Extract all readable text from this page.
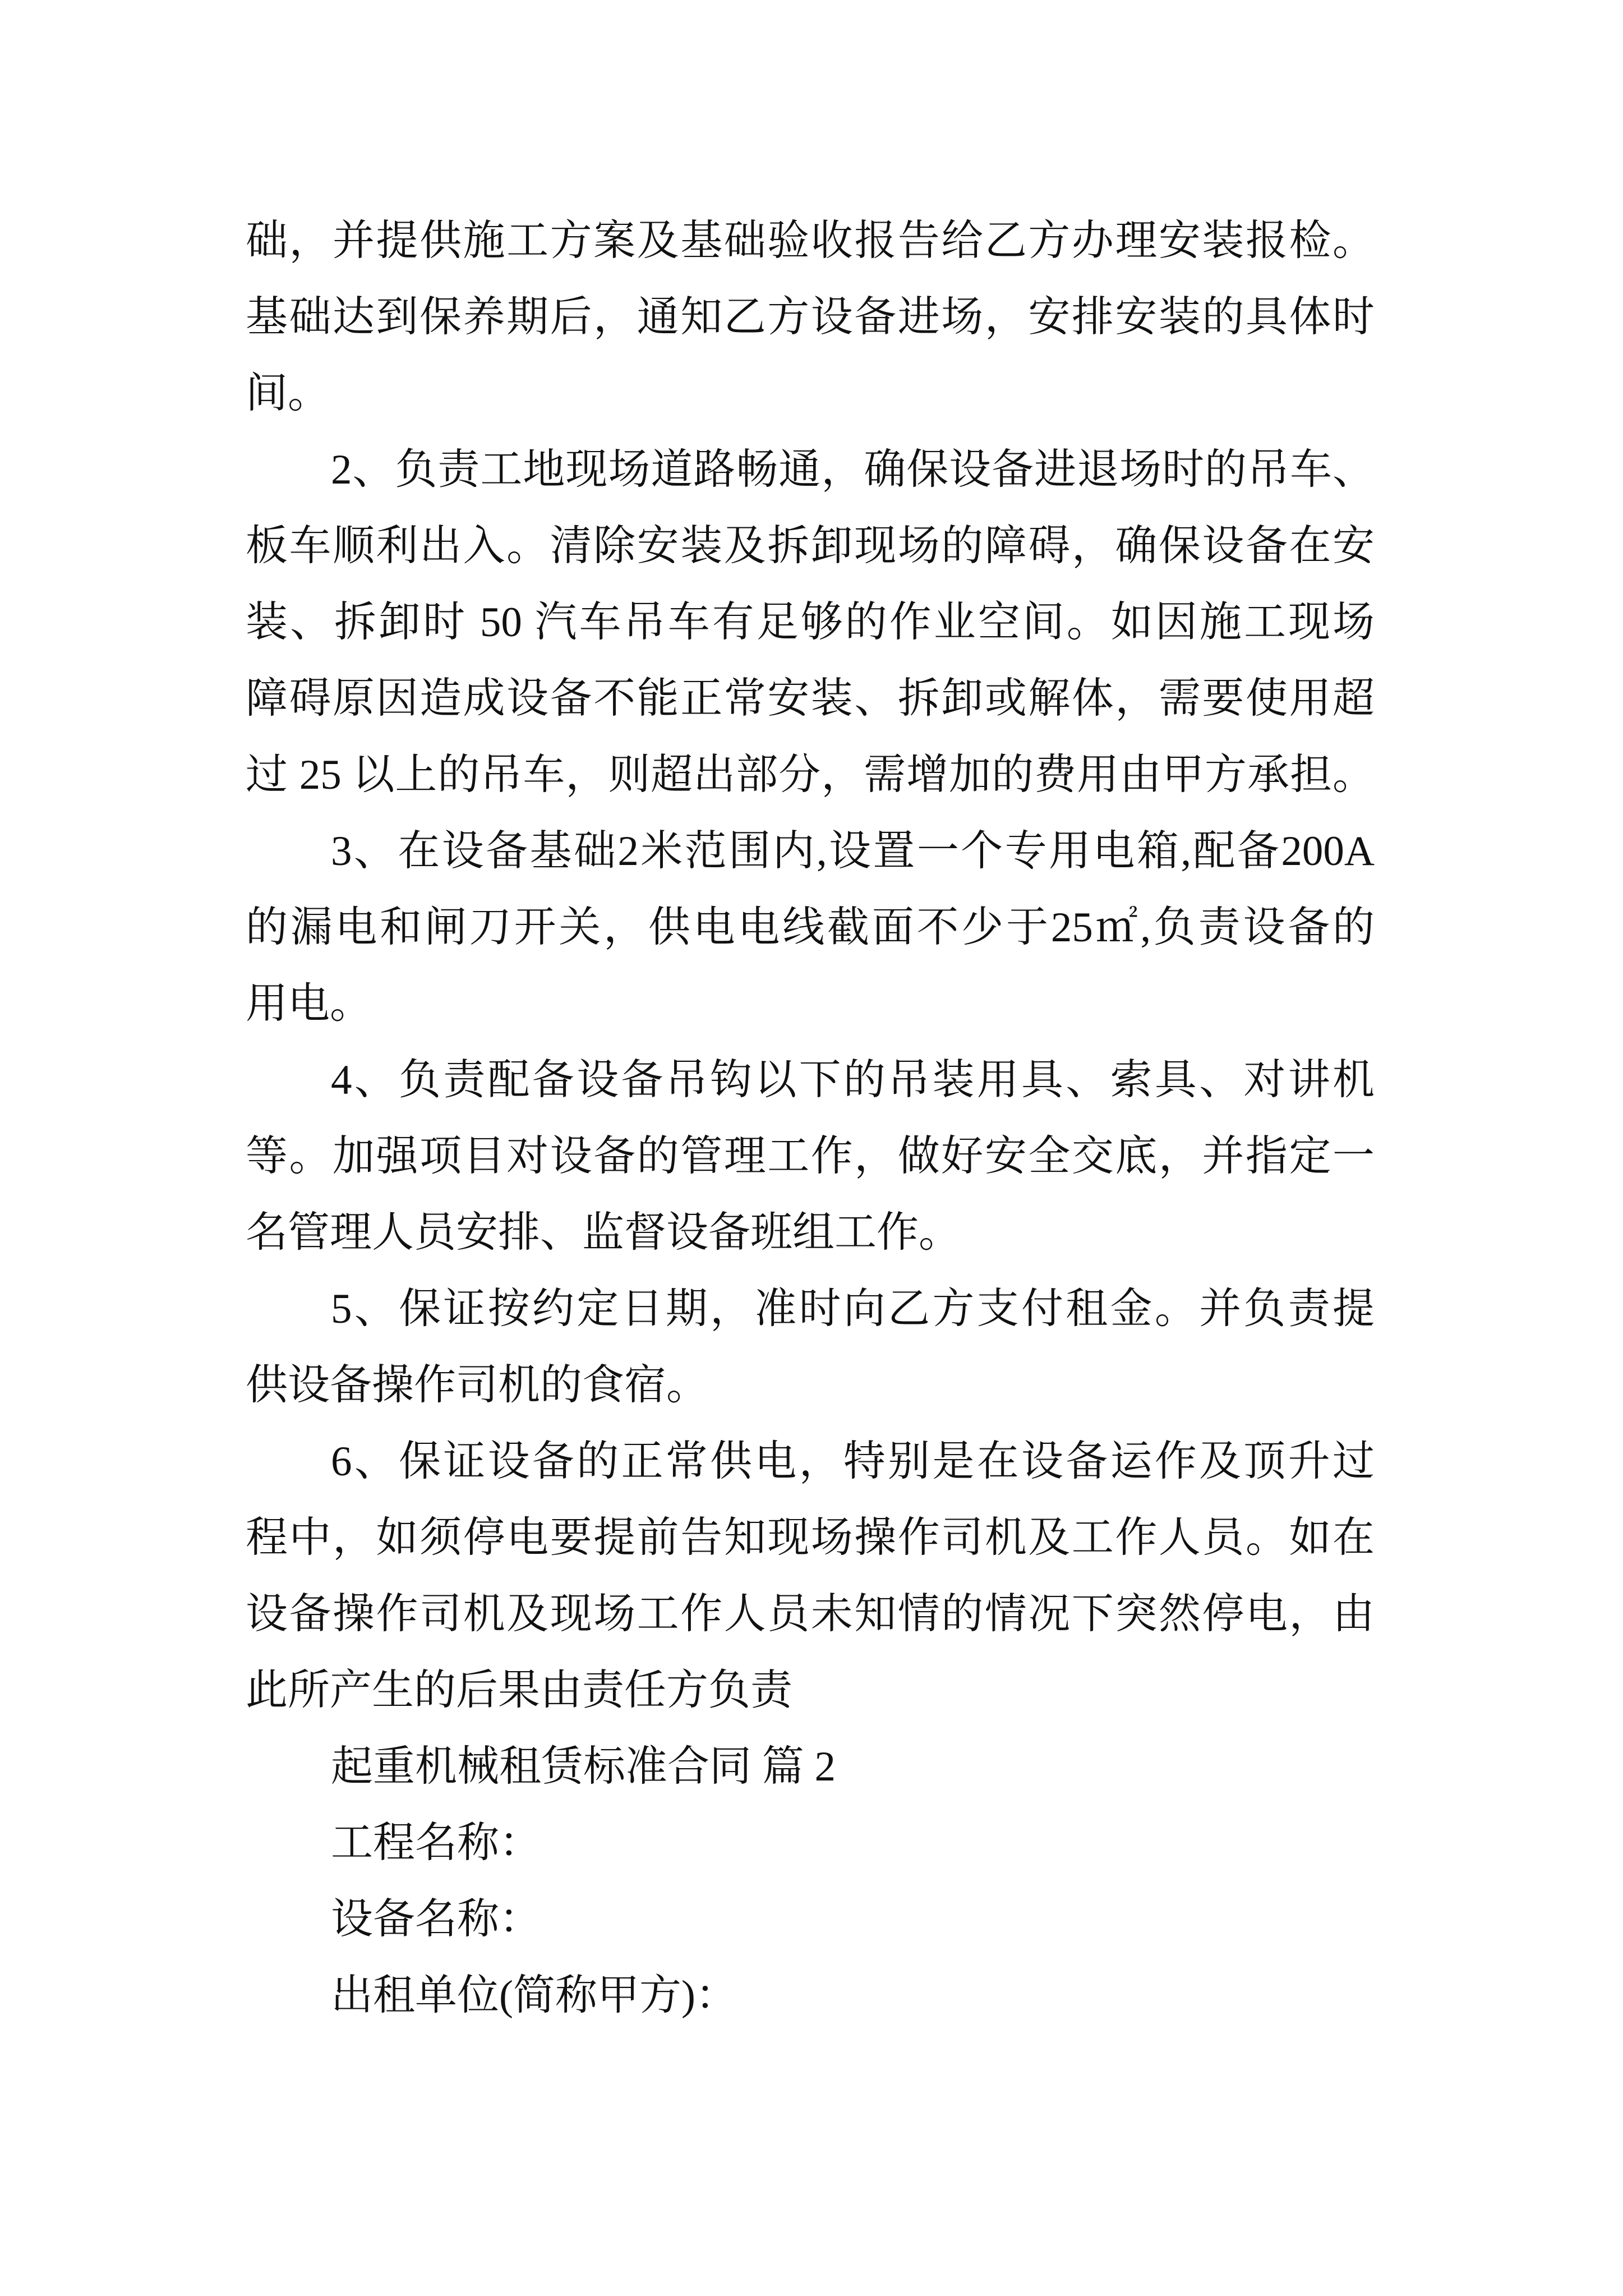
础，并提供施工方案及基础验收报告给乙方办理安装报检。
基础达到保养期后，通知乙方设备进场，安排安装的具体时
间。
2、负责工地现场道路畅通，确保设备进退场时的吊车、
板车顺利出入。清除安装及拆卸现场的障碍，确保设备在安
装、拆卸时 50 汽车吊车有足够的作业空间。如因施工现场
障碍原因造成设备不能正常安装、拆卸或解体，需要使用超
过 25 以上的吊车，则超出部分，需增加的费用由甲方承担。
3、在设备基础2米范围内,设置一个专用电箱,配备200A
的漏电和闸刀开关，供电电线截面不少于25㎡,负责设备的
用电。
4、负责配备设备吊钩以下的吊装用具、索具、对讲机
等。加强项目对设备的管理工作，做好安全交底，并指定一
名管理人员安排、监督设备班组工作。
5、保证按约定日期，准时向乙方支付租金。并负责提
供设备操作司机的食宿。
6、保证设备的正常供电，特别是在设备运作及顶升过
程中，如须停电要提前告知现场操作司机及工作人员。如在
设备操作司机及现场工作人员未知情的情况下突然停电，由
此所产生的后果由责任方负责
起重机械租赁标准合同 篇 2
工程名称：
设备名称：
出租单位(简称甲方)：
